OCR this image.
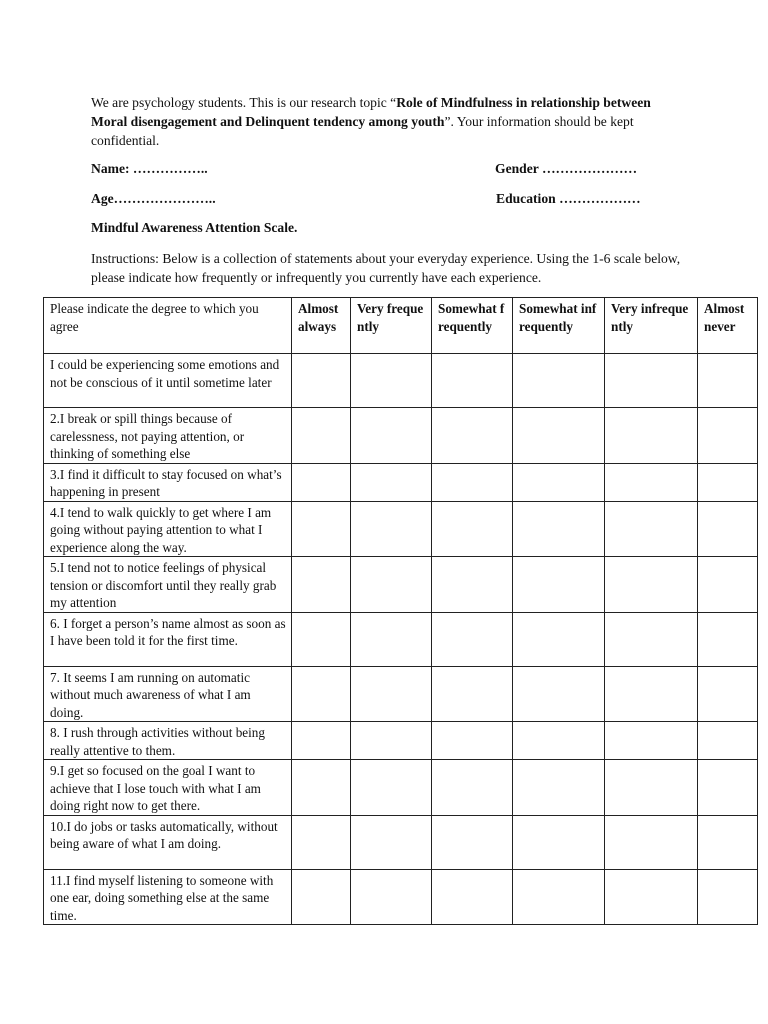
We are psychology students. This is our research topic “Role of Mindfulness in relationship between Moral disengagement and Delinquent tendency among youth”. Your information should be kept confidential.

Name: ……………..	Gender …………………
Age…………………..	Education ………………

Mindful Awareness Attention Scale.

Instructions: Below is a collection of statements about your everyday experience. Using the 1-6 scale below, please indicate how frequently or infrequently you currently have each experience.

Please indicate the degree to which you agree	Almost always	Very frequently	Somewhat frequently	Somewhat infrequently	Very infrequently	Almost never
I could be experiencing some emotions and not be conscious of it until sometime later						
2.I break or spill things because of carelessness, not paying attention, or thinking of something else						
3.I find it difficult to stay focused on what’s happening in present						
4.I tend to walk quickly to get where I am going without paying attention to what I experience along the way.						
5.I tend not to notice feelings of physical tension or discomfort until they really grab my attention						
6. I forget a person’s name almost as soon as I have been told it for the first time.						
7. It seems I am running on automatic without much awareness of what I am doing.						
8. I rush through activities without being really attentive to them.						
9.I get so focused on the goal I want to achieve that I lose touch with what I am doing right now to get there.						
10.I do jobs or tasks automatically, without being aware of what I am doing.						
11.I find myself listening to someone with one ear, doing something else at the same time.						
